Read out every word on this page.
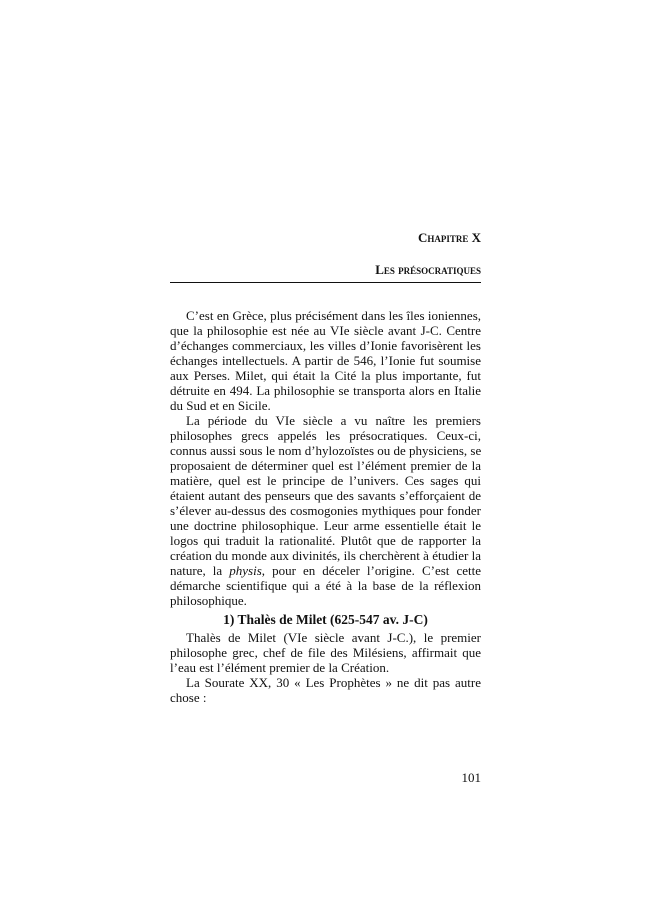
Chapitre X
Les présocratiques
C’est en Grèce, plus précisément dans les îles ioniennes,
que la philosophie est née au VIe siècle avant J-C. Centre
d’échanges commerciaux, les villes d’Ionie favorisèrent les
échanges intellectuels. A partir de 546, l’Ionie fut soumise
aux Perses. Milet, qui était la Cité la plus importante, fut
détruite en 494. La philosophie se transporta alors en Italie
du Sud et en Sicile.
La période du VIe siècle a vu naître les premiers
philosophes grecs appelés les présocratiques. Ceux-ci,
connus aussi sous le nom d’hylozoïstes ou de physiciens, se
proposaient de déterminer quel est l’élément premier de la
matière, quel est le principe de l’univers. Ces sages qui
étaient autant des penseurs que des savants s’efforçaient de
s’élever au-dessus des cosmogonies mythiques pour fonder
une doctrine philosophique. Leur arme essentielle était le
logos qui traduit la rationalité. Plutôt que de rapporter la
création du monde aux divinités, ils cherchèrent à étudier la
nature, la physis, pour en déceler l’origine. C’est cette
démarche scientifique qui a été à la base de la réflexion
philosophique.
1) Thalès de Milet (625-547 av. J-C)
Thalès de Milet (VIe siècle avant J-C.), le premier
philosophe grec, chef de file des Milésiens, affirmait que
l’eau est l’élément premier de la Création.
La Sourate XX, 30 « Les Prophètes » ne dit pas autre
chose :
101
